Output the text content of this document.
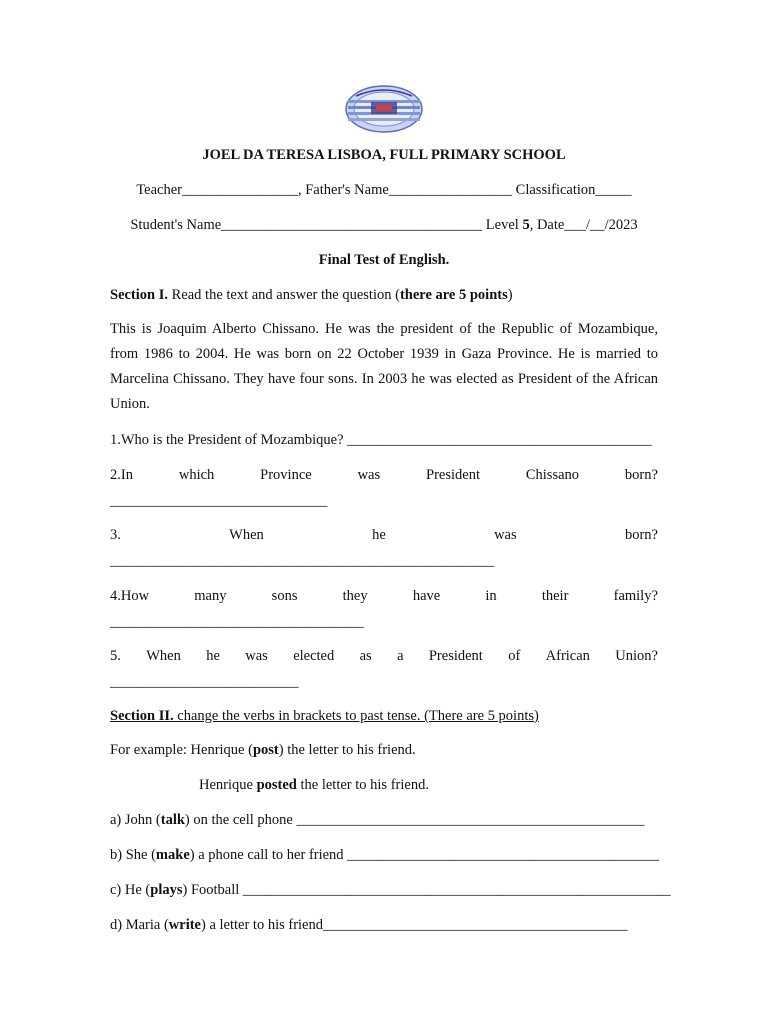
JOEL DA TERESA LISBOA, FULL PRIMARY SCHOOL
Teacher________________, Father's Name_________________ Classification_____
Student's Name____________________________________ Level 5, Date___/__/2023
Final Test of English.
Section I. Read the text and answer the question (there are 5 points)
This is Joaquim Alberto Chissano. He was the president of the Republic of Mozambique, from 1986 to 2004. He was born on 22 October 1939 in Gaza Province. He is married to Marcelina Chissano. They have four sons. In 2003 he was elected as President of the African Union.
1.Who is the President of Mozambique? __________________________________________
2.In	which	Province	was	President	Chissano	born?
______________________________
3.	When	he	was	born?
_____________________________________________________
4.How	many	sons	they	have	in	their	family?
___________________________________
5. When he was elected as a President of African Union?
__________________________
Section II. change the verbs in brackets to past tense. (There are 5 points)
For example: Henrique (post) the letter to his friend.
Henrique posted the letter to his friend.
a) John (talk) on the cell phone ________________________________________________
b) She (make) a phone call to her friend ___________________________________________
c) He (plays) Football ___________________________________________________________
d) Maria (write) a letter to his friend__________________________________________
